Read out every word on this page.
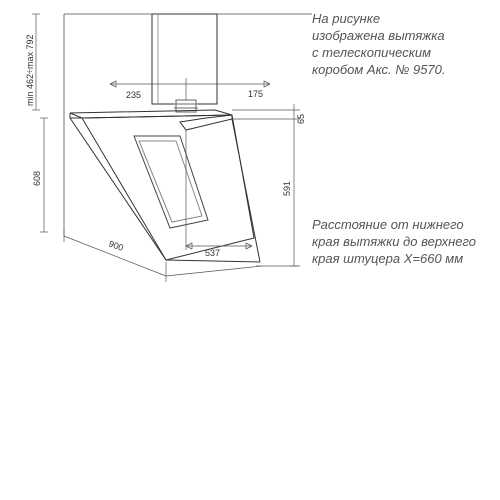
min 462÷max 792	235	175
65
608
591
537
900
На рисунке
изображена вытяжка
с телескопическим
коробом Акс. № 9570.
Расстояние от нижнего
края вытяжки до верхнего
края штуцера Х=660 мм
